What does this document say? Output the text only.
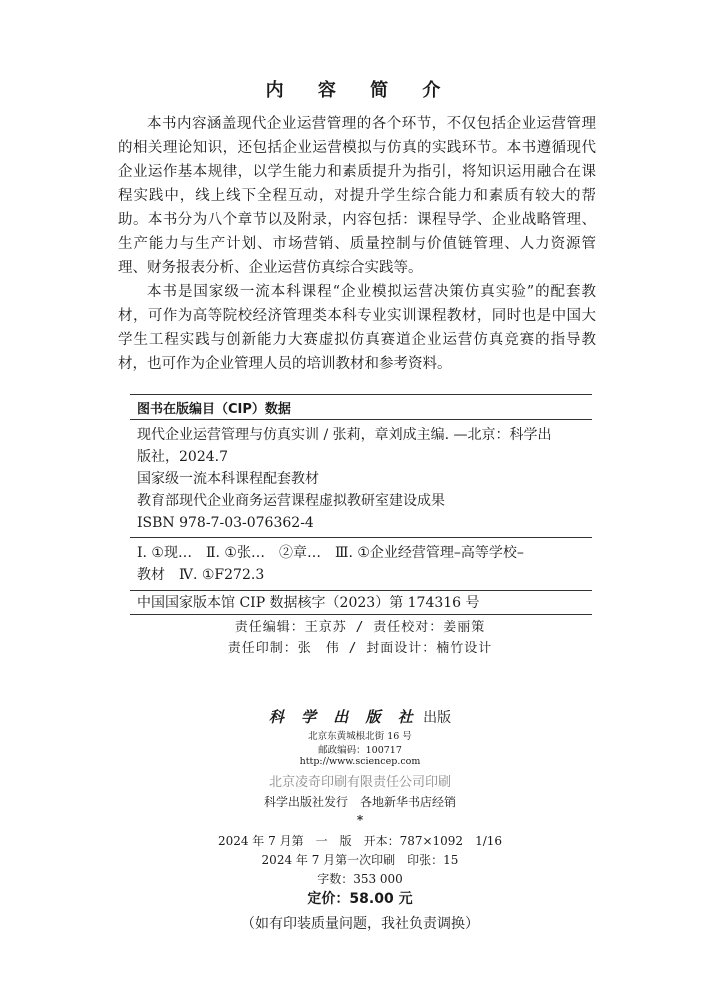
内 容 简 介

本书内容涵盖现代企业运营管理的各个环节，不仅包括企业运营管理的相关理论知识，还包括企业运营模拟与仿真的实践环节。本书遵循现代企业运作基本规律，以学生能力和素质提升为指引，将知识运用融合在课程实践中，线上线下全程互动，对提升学生综合能力和素质有较大的帮助。本书分为八个章节以及附录，内容包括：课程导学、企业战略管理、生产能力与生产计划、市场营销、质量控制与价值链管理、人力资源管理、财务报表分析、企业运营仿真综合实践等。

本书是国家级一流本科课程“企业模拟运营决策仿真实验”的配套教材，可作为高等院校经济管理类本科专业实训课程教材，同时也是中国大学生工程实践与创新能力大赛虚拟仿真赛道企业运营仿真竞赛的指导教材，也可作为企业管理人员的培训教材和参考资料。

图书在版编目（CIP）数据
现代企业运营管理与仿真实训 / 张莉，章刘成主编. —北京：科学出
版社，2024.7
国家级一流本科课程配套教材
教育部现代企业商务运营课程虚拟教研室建设成果
ISBN 978-7-03-076362-4
Ⅰ. ①现…　Ⅱ. ①张…　②章…　Ⅲ. ①企业经营管理–高等学校–
教材　Ⅳ. ①F272.3
中国国家版本馆 CIP 数据核字（2023）第 174316 号
责任编辑：王京苏 / 责任校对：姜丽策
责任印制：张　伟 / 封面设计：楠竹设计
科 学 出 版 社 出版
北京东黄城根北街 16 号
邮政编码：100717
http://www.sciencep.com
北京凌奇印刷有限责任公司印刷
科学出版社发行　各地新华书店经销
*
2024 年 7 月第　一　版　开本：787×1092　1/16
2024 年 7 月第一次印刷　印张：15
字数：353 000
定价：58.00 元
（如有印装质量问题，我社负责调换）
